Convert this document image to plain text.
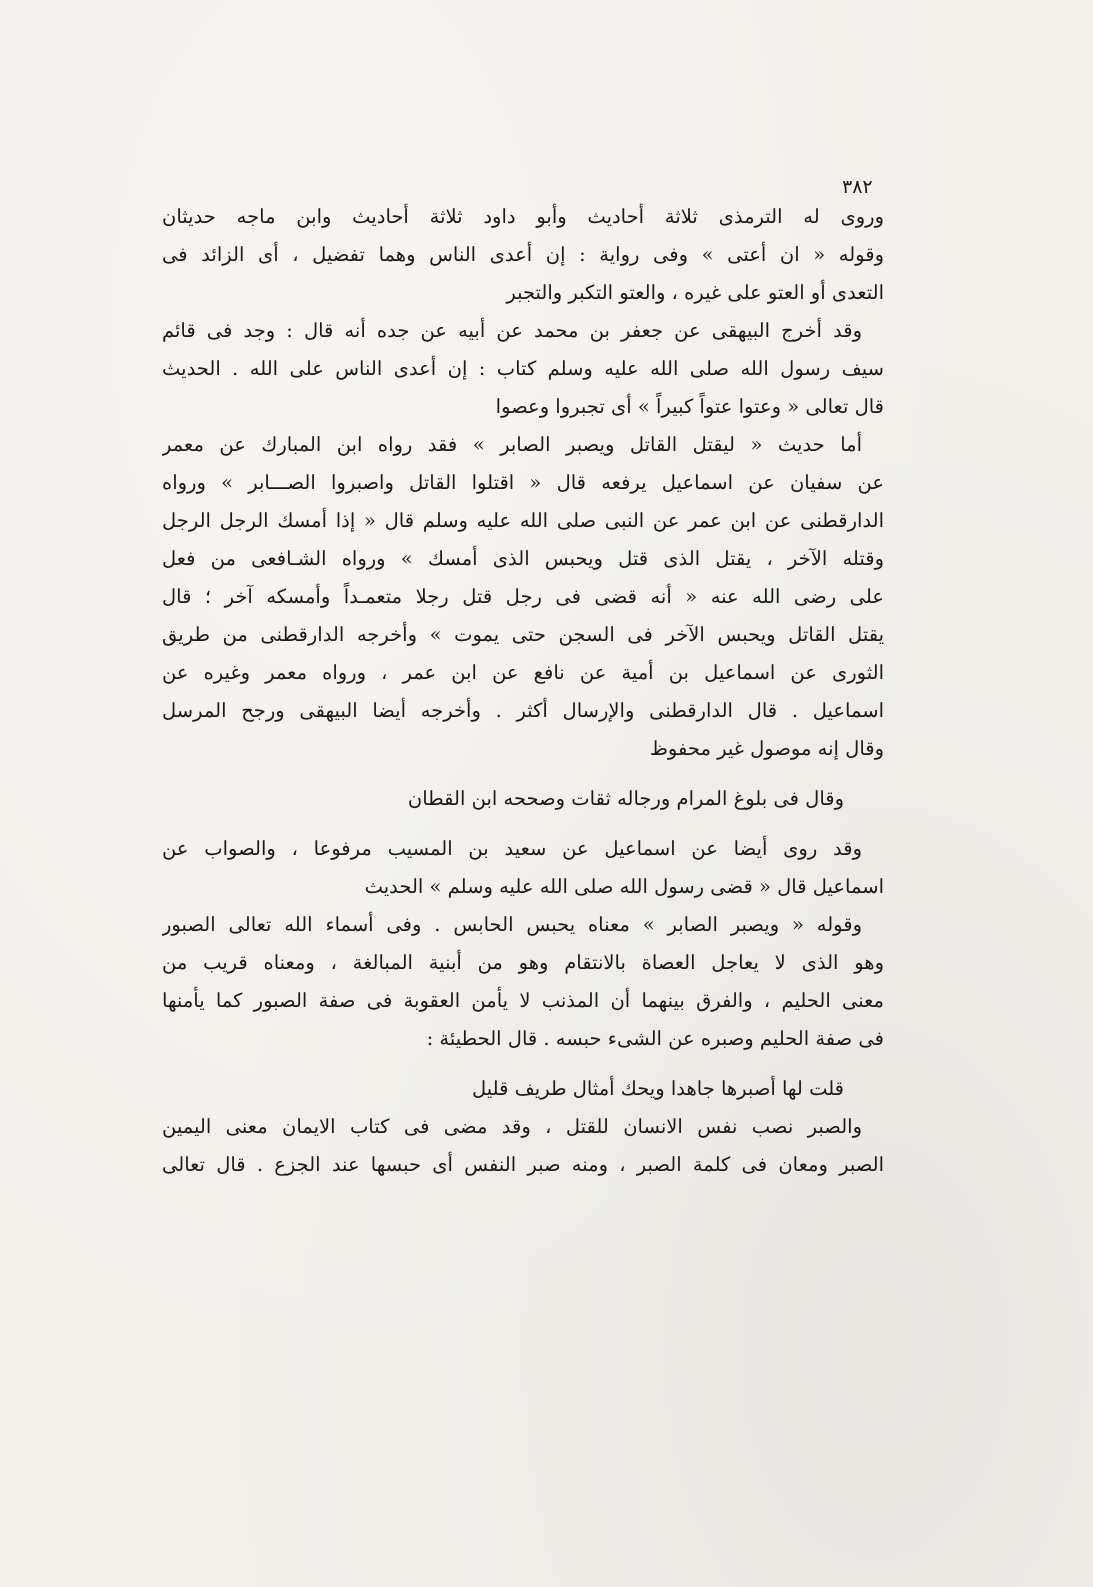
٣٨٢
وروى له الترمذى ثلاثة أحاديث وأبو داود ثلاثة أحاديث وابن ماجه حديثان
وقوله « ان أعتى » وفى رواية : إن أعدى الناس وهما تفضيل ، أى الزائد فى
التعدى أو العتو على غيره ، والعتو التكبر والتجبر
وقد أخرج البيهقى عن جعفر بن محمد عن أبيه عن جده أنه قال : وجد فى قائم
سيف رسول الله صلى الله عليه وسلم كتاب : إن أعدى الناس على الله . الحديث
قال تعالى « وعتوا عتواً كبيراً » أى تجبروا وعصوا
أما حديث « ليقتل القاتل ويصبر الصابر » فقد رواه ابن المبارك عن معمر
عن سفيان عن اسماعيل يرفعه قال « اقتلوا القاتل واصبروا الصـــابر » ورواه
الدارقطنى عن ابن عمر عن النبى صلى الله عليه وسلم قال « إذا أمسك الرجل الرجل
وقتله الآخر ، يقتل الذى قتل ويحبس الذى أمسك » ورواه الشـافعى من فعل
على رضى الله عنه « أنه قضى فى رجل قتل رجلا متعمـداً وأمسكه آخر ؛ قال
يقتل القاتل ويحبس الآخر فى السجن حتى يموت » وأخرجه الدارقطنى من طريق
الثورى عن اسماعيل بن أمية عن نافع عن ابن عمر ، ورواه معمر وغيره عن
اسماعيل . قال الدارقطنى والإرسال أكثر . وأخرجه أيضا البيهقى ورجح المرسل
وقال إنه موصول غير محفوظ
وقال فى بلوغ المرام ورجاله ثقات وصححه ابن القطان
وقد روى أيضا عن اسماعيل عن سعيد بن المسيب مرفوعا ، والصواب عن
اسماعيل قال « قضى رسول الله صلى الله عليه وسلم » الحديث
وقوله « ويصبر الصابر » معناه يحبس الحابس . وفى أسماء الله تعالى الصبور
وهو الذى لا يعاجل العصاة بالانتقام وهو من أبنية المبالغة ، ومعناه قريب من
معنى الحليم ، والفرق بينهما أن المذنب لا يأمن العقوبة فى صفة الصبور كما يأمنها
فى صفة الحليم وصبره عن الشىء حبسه . قال الحطيئة :
قلت لها أصبرها جاهدا ويحك أمثال طريف قليل
والصبر نصب نفس الانسان للقتل ، وقد مضى فى كتاب الايمان معنى اليمين
الصبر ومعان فى كلمة الصبر ، ومنه صبر النفس أى حبسها عند الجزع . قال تعالى
